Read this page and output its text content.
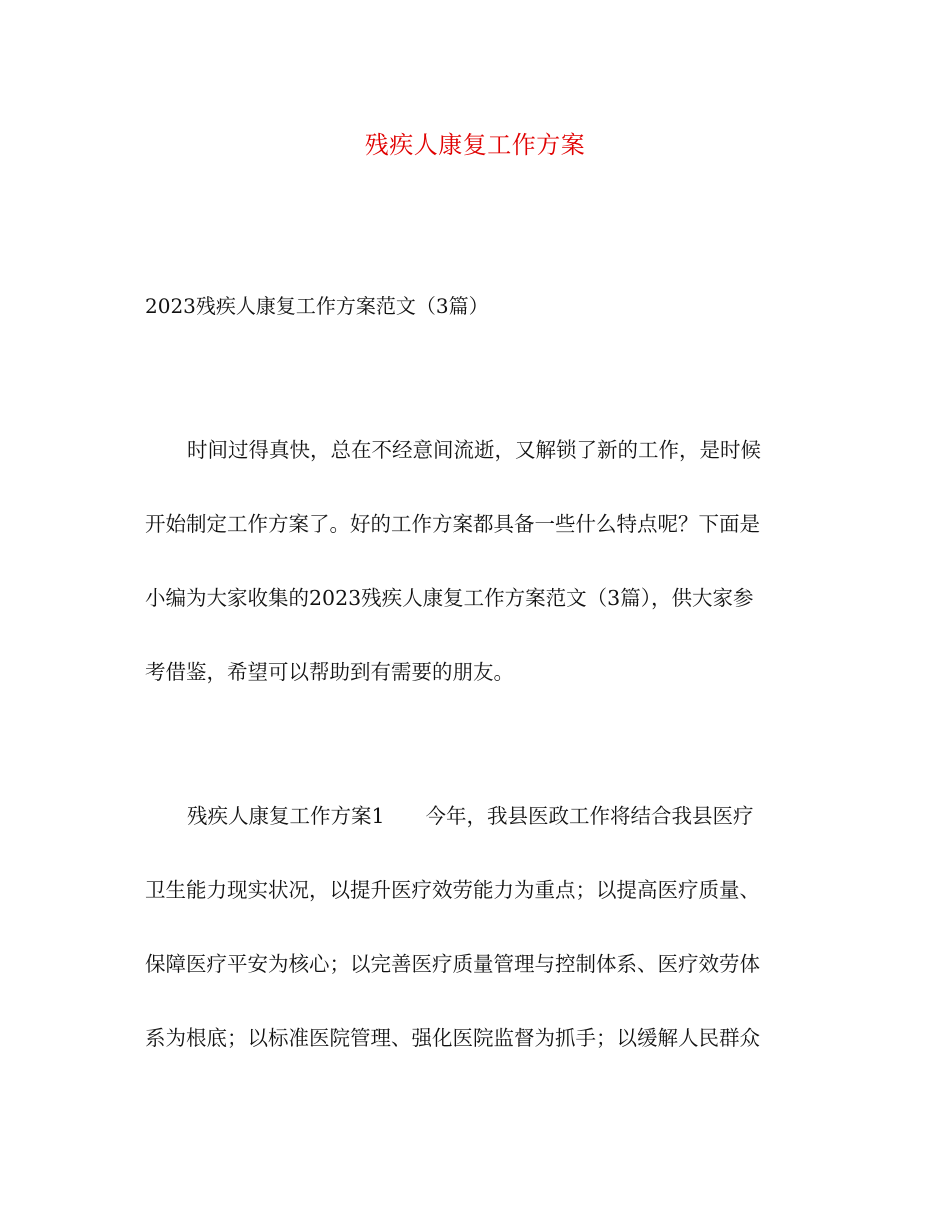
残疾人康复工作方案
2023残疾人康复工作方案范文（3篇）
时间过得真快，总在不经意间流逝，又解锁了新的工作，是时候
开始制定工作方案了。好的工作方案都具备一些什么特点呢？下面是
小编为大家收集的2023残疾人康复工作方案范文（3篇），供大家参
考借鉴，希望可以帮助到有需要的朋友。
残疾人康复工作方案1　　今年，我县医政工作将结合我县医疗
卫生能力现实状况，以提升医疗效劳能力为重点；以提高医疗质量、
保障医疗平安为核心；以完善医疗质量管理与控制体系、医疗效劳体
系为根底；以标准医院管理、强化医院监督为抓手；以缓解人民群众
